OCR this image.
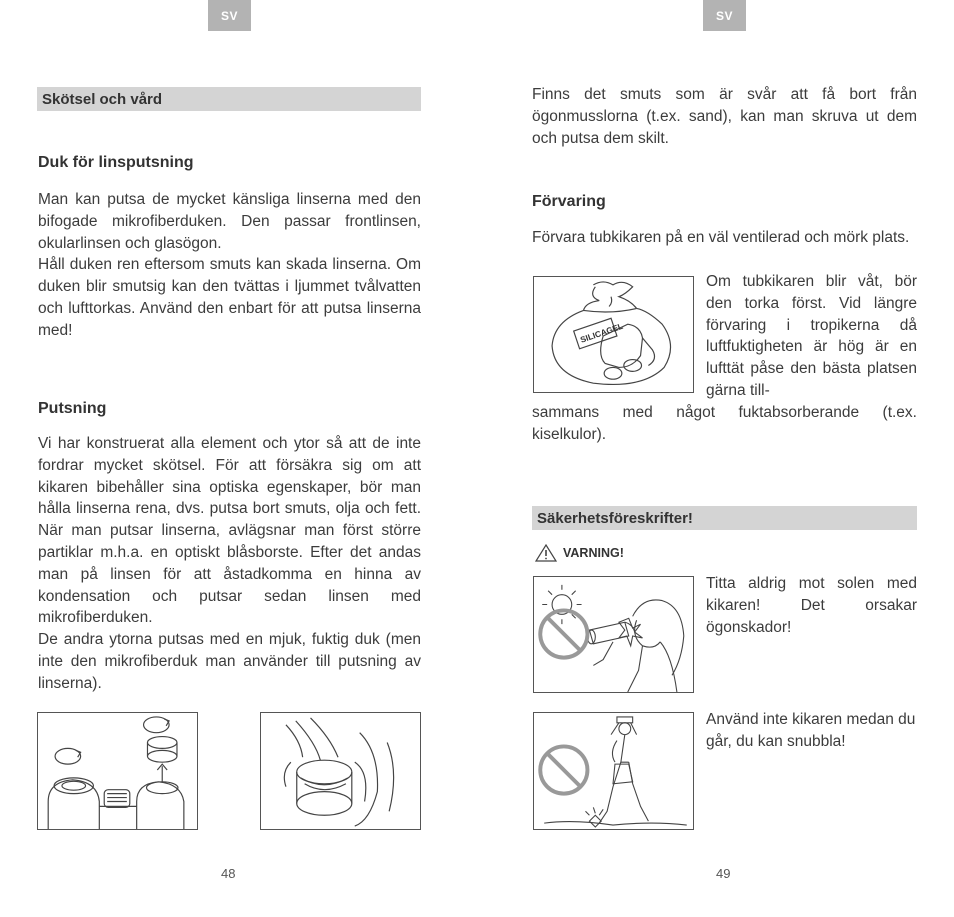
SV
Skötsel och vård
Duk för linsputsning

Man kan putsa de mycket känsliga linserna med den bifogade mikrofiberduken. Den passar frontlinsen, okularlinsen och glasögon.

Håll duken ren eftersom smuts kan skada linserna. Om duken blir smutsig kan den tvättas i ljummet tvålvatten och lufttorkas. Använd den enbart för att putsa linserna med!

Putsning

Vi har konstruerat alla element och ytor så att de inte fordrar mycket skötsel. För att försäkra sig om att kikaren bibehåller sina optiska egenskaper, bör man hålla linserna rena, dvs. putsa bort smuts, olja och fett. När man putsar linserna, avlägsnar man först större partiklar m.h.a. en optiskt blåsborste. Efter det andas man på linsen för att åstadkomma en hinna av kondensation och putsar sedan linsen med mikrofiberduken.

De andra ytorna putsas med en mjuk, fuktig duk (men inte den mikrofiberduk man använder till putsning av linserna).

48
SV
Finns det smuts som är svår att få bort från ögonmusslorna (t.ex. sand), kan man skruva ut dem och putsa dem skilt.
Förvaring
Förvara tubkikaren på en väl ventilerad och mörk plats.
SILICAGEL
Om tubkikaren blir våt, bör den torka först. Vid längre förvaring i tropikerna då luftfuktigheten är hög är en lufttät påse den bästa platsen gärna till-
sammans med något fuktabsorberande (t.ex. kiselkulor).
Säkerhetsföreskrifter!
VARNING!
Titta aldrig mot solen med kikaren! Det orsakar ögonskador!
Använd inte kikaren medan du går, du kan snubbla!
49
